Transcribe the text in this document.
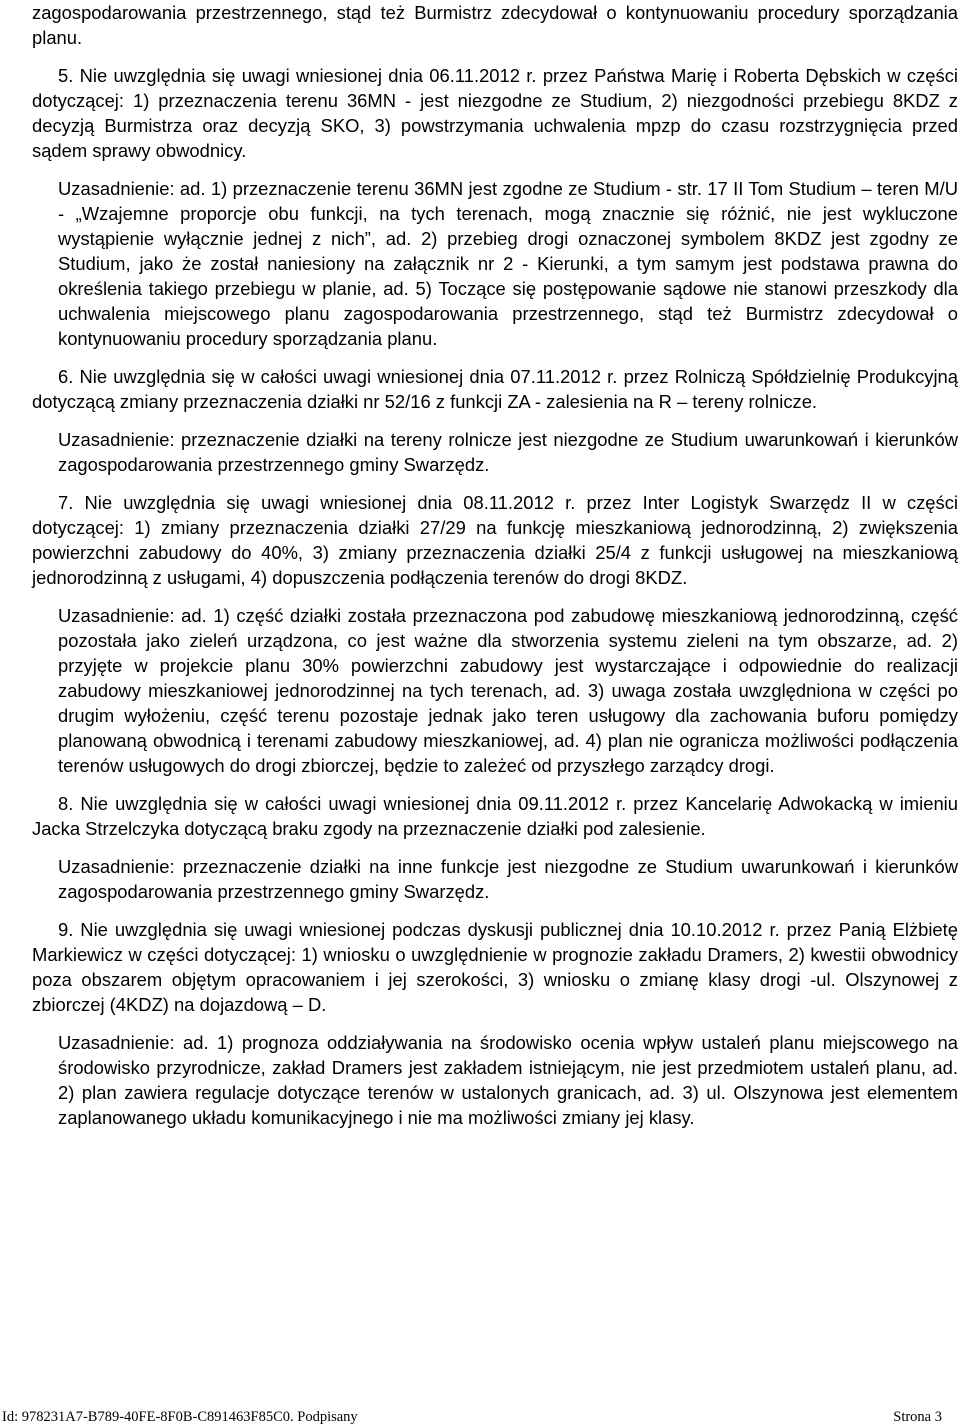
zagospodarowania przestrzennego, stąd też Burmistrz zdecydował o kontynuowaniu procedury sporządzania planu.

5. Nie uwzględnia się uwagi wniesionej dnia 06.11.2012 r. przez Państwa Marię i Roberta Dębskich w części dotyczącej: 1) przeznaczenia terenu 36MN - jest niezgodne ze Studium, 2) niezgodności przebiegu 8KDZ z decyzją Burmistrza oraz decyzją SKO, 3) powstrzymania uchwalenia mpzp do czasu rozstrzygnięcia przed sądem sprawy obwodnicy.

Uzasadnienie: ad. 1) przeznaczenie terenu 36MN jest zgodne ze Studium - str. 17 II Tom Studium – teren M/U - „Wzajemne proporcje obu funkcji, na tych terenach, mogą znacznie się różnić, nie jest wykluczone wystąpienie wyłącznie jednej z nich”, ad. 2) przebieg drogi oznaczonej symbolem 8KDZ jest zgodny ze Studium, jako że został naniesiony na załącznik nr 2 - Kierunki, a tym samym jest podstawa prawna do określenia takiego przebiegu w planie, ad. 5) Toczące się postępowanie sądowe nie stanowi przeszkody dla uchwalenia miejscowego planu zagospodarowania przestrzennego, stąd też Burmistrz zdecydował o kontynuowaniu procedury sporządzania planu.

6. Nie uwzględnia się w całości uwagi wniesionej dnia 07.11.2012 r. przez Rolniczą Spółdzielnię Produkcyjną dotyczącą zmiany przeznaczenia działki nr 52/16 z funkcji ZA - zalesienia na R – tereny rolnicze.

Uzasadnienie: przeznaczenie działki na tereny rolnicze jest niezgodne ze Studium uwarunkowań i kierunków zagospodarowania przestrzennego gminy Swarzędz.

7. Nie uwzględnia się uwagi wniesionej dnia 08.11.2012 r. przez Inter Logistyk Swarzędz II w części dotyczącej: 1) zmiany przeznaczenia działki 27/29 na funkcję mieszkaniową jednorodzinną, 2) zwiększenia powierzchni zabudowy do 40%, 3) zmiany przeznaczenia działki 25/4 z funkcji usługowej na mieszkaniową jednorodzinną z usługami, 4) dopuszczenia podłączenia terenów do drogi 8KDZ.

Uzasadnienie: ad. 1) część działki została przeznaczona pod zabudowę mieszkaniową jednorodzinną, część pozostała jako zieleń urządzona, co jest ważne dla stworzenia systemu zieleni na tym obszarze, ad. 2) przyjęte w projekcie planu 30% powierzchni zabudowy jest wystarczające i odpowiednie do realizacji zabudowy mieszkaniowej jednorodzinnej na tych terenach, ad. 3) uwaga została uwzględniona w części po drugim wyłożeniu, część terenu pozostaje jednak jako teren usługowy dla zachowania buforu pomiędzy planowaną obwodnicą i terenami zabudowy mieszkaniowej, ad. 4) plan nie ogranicza możliwości podłączenia terenów usługowych do drogi zbiorczej, będzie to zależeć od przyszłego zarządcy drogi.

8. Nie uwzględnia się w całości uwagi wniesionej dnia 09.11.2012 r. przez Kancelarię Adwokacką w imieniu Jacka Strzelczyka dotyczącą braku zgody na przeznaczenie działki pod zalesienie.

Uzasadnienie: przeznaczenie działki na inne funkcje jest niezgodne ze Studium uwarunkowań i kierunków zagospodarowania przestrzennego gminy Swarzędz.

9. Nie uwzględnia się uwagi wniesionej podczas dyskusji publicznej dnia 10.10.2012 r. przez Panią Elżbietę Markiewicz w części dotyczącej: 1) wniosku o uwzględnienie w prognozie zakładu Dramers, 2) kwestii obwodnicy poza obszarem objętym opracowaniem i jej szerokości, 3) wniosku o zmianę klasy drogi -ul. Olszynowej z zbiorczej (4KDZ) na dojazdową – D.

Uzasadnienie: ad. 1) prognoza oddziaływania na środowisko ocenia wpływ ustaleń planu miejscowego na środowisko przyrodnicze, zakład Dramers jest zakładem istniejącym, nie jest przedmiotem ustaleń planu, ad. 2) plan zawiera regulacje dotyczące terenów w ustalonych granicach, ad. 3) ul. Olszynowa jest elementem zaplanowanego układu komunikacyjnego i nie ma możliwości zmiany jej klasy.

Id: 978231A7-B789-40FE-8F0B-C891463F85C0. Podpisany	Strona 3
